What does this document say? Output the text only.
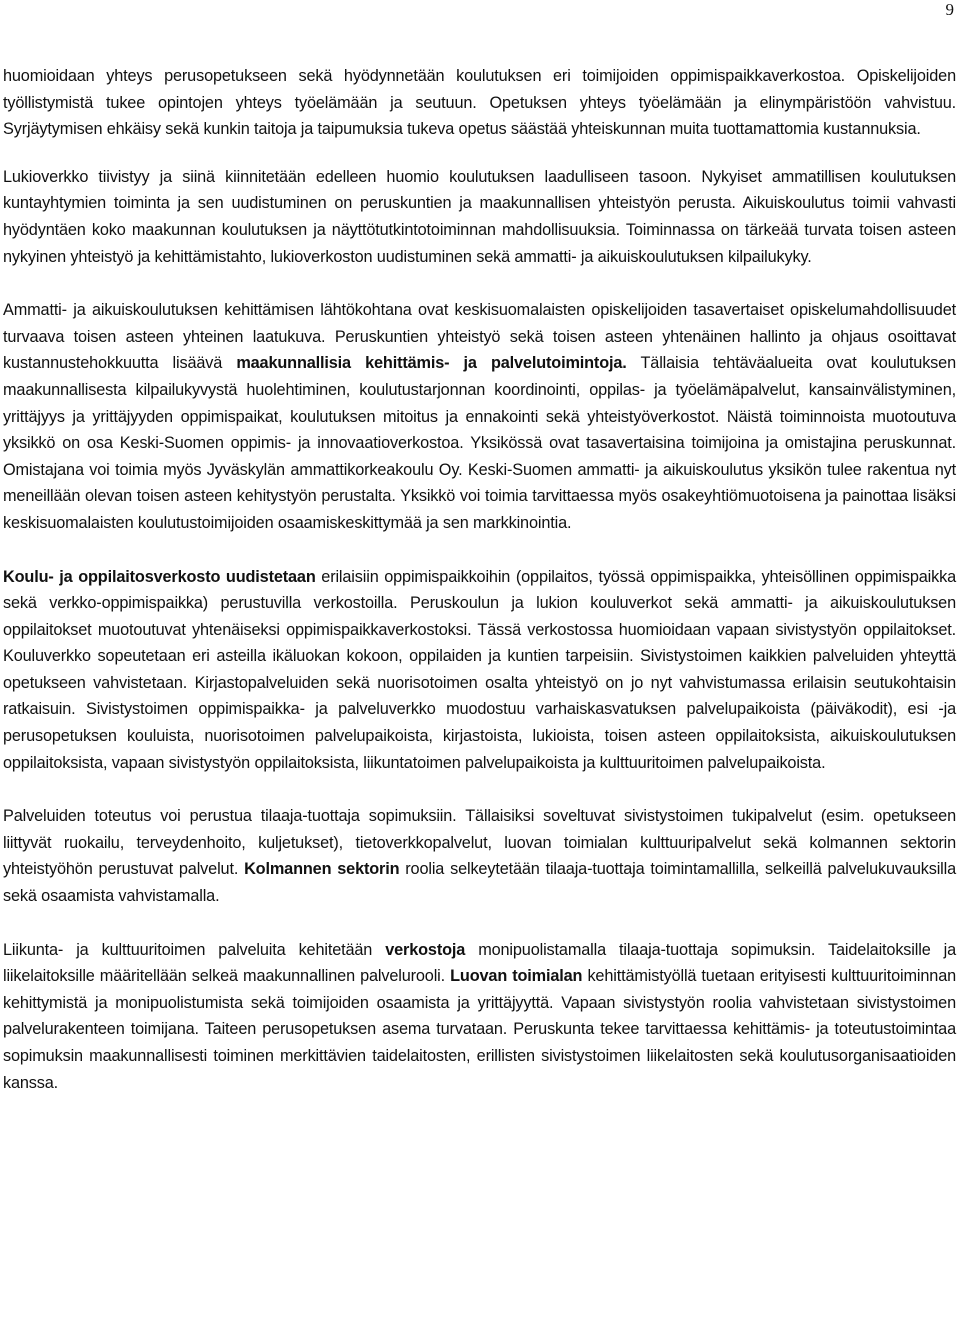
9

huomioidaan yhteys perusopetukseen sekä hyödynnetään koulutuksen eri toimijoiden oppimispaikkaverkostoa. Opiskelijoiden työllistymistä tukee opintojen yhteys työelämään ja seutuun. Opetuksen yhteys työelämään ja elinympäristöön vahvistuu. Syrjäytymisen ehkäisy sekä kunkin taitoja ja taipumuksia tukeva opetus säästää yhteiskunnan muita tuottamattomia kustannuksia.

Lukioverkko tiivistyy ja siinä kiinnitetään edelleen huomio koulutuksen laadulliseen tasoon. Nykyiset ammatillisen koulutuksen kuntayhtymien toiminta ja sen uudistuminen on peruskuntien ja maakunnallisen yhteistyön perusta. Aikuiskoulutus toimii vahvasti hyödyntäen koko maakunnan koulutuksen ja näyttötutkintotoiminnan mahdollisuuksia. Toiminnassa on tärkeää turvata toisen asteen nykyinen yhteistyö ja kehittämistahto, lukioverkoston uudistuminen sekä ammatti- ja aikuiskoulutuksen kilpailukyky.

Ammatti- ja aikuiskoulutuksen kehittämisen lähtökohtana ovat keskisuomalaisten opiskelijoiden tasavertaiset opiskelumahdollisuudet turvaava toisen asteen yhteinen laatukuva. Peruskuntien yhteistyö sekä toisen asteen yhtenäinen hallinto ja ohjaus osoittavat kustannustehokkuutta lisäävä maakunnallisia kehittämis- ja palvelutoimintoja. Tällaisia tehtäväalueita ovat koulutuksen maakunnallisesta kilpailukyvystä huolehtiminen, koulutustarjonnan koordinointi, oppilas- ja työelämäpalvelut, kansainvälistyminen, yrittäjyys ja yrittäjyyden oppimispaikat, koulutuksen mitoitus ja ennakointi sekä yhteistyöverkostot. Näistä toiminnoista muotoutuva yksikkö on osa Keski-Suomen oppimis- ja innovaatioverkostoa. Yksikössä ovat tasavertaisina toimijoina ja omistajina peruskunnat. Omistajana voi toimia myös Jyväskylän ammattikorkeakoulu Oy. Keski-Suomen ammatti- ja aikuiskoulutus yksikön tulee rakentua nyt meneillään olevan toisen asteen kehitystyön perustalta. Yksikkö voi toimia tarvittaessa myös osakeyhtiömuotoisena ja painottaa lisäksi keskisuomalaisten koulutustoimijoiden osaamiskeskittymää ja sen markkinointia.

Koulu- ja oppilaitosverkosto uudistetaan erilaisiin oppimispaikkoihin (oppilaitos, työssä oppimispaikka, yhteisöllinen oppimispaikka sekä verkko-oppimispaikka) perustuvilla verkostoilla. Peruskoulun ja lukion kouluverkot sekä ammatti- ja aikuiskoulutuksen oppilaitokset muotoutuvat yhtenäiseksi oppimispaikkaverkostoksi. Tässä verkostossa huomioidaan vapaan sivistystyön oppilaitokset. Kouluverkko sopeutetaan eri asteilla ikäluokan kokoon, oppilaiden ja kuntien tarpeisiin. Sivistystoimen kaikkien palveluiden yhteyttä opetukseen vahvistetaan. Kirjastopalveluiden sekä nuorisotoimen osalta yhteistyö on jo nyt vahvistumassa erilaisin seutukohtaisin ratkaisuin. Sivistystoimen oppimispaikka- ja palveluverkko muodostuu varhaiskasvatuksen palvelupaikoista (päiväkodit), esi -ja perusopetuksen kouluista, nuorisotoimen palvelupaikoista, kirjastoista, lukioista, toisen asteen oppilaitoksista, aikuiskoulutuksen oppilaitoksista, vapaan sivistystyön oppilaitoksista, liikuntatoimen palvelupaikoista ja kulttuuritoimen palvelupaikoista.

Palveluiden toteutus voi perustua tilaaja-tuottaja sopimuksiin. Tällaisiksi soveltuvat sivistystoimen tukipalvelut (esim. opetukseen liittyvät ruokailu, terveydenhoito, kuljetukset), tietoverkkopalvelut, luovan toimialan kulttuuripalvelut sekä kolmannen sektorin yhteistyöhön perustuvat palvelut. Kolmannen sektorin roolia selkeytetään tilaaja-tuottaja toimintamallilla, selkeillä palvelukuvauksilla sekä osaamista vahvistamalla.

Liikunta- ja kulttuuritoimen palveluita kehitetään verkostoja monipuolistamalla tilaaja-tuottaja sopimuksin. Taidelaitoksille ja liikelaitoksille määritellään selkeä maakunnallinen palvelurooli. Luovan toimialan kehittämistyöllä tuetaan erityisesti kulttuuritoiminnan kehittymistä ja monipuolistumista sekä toimijoiden osaamista ja yrittäjyyttä. Vapaan sivistystyön roolia vahvistetaan sivistystoimen palvelurakenteen toimijana. Taiteen perusopetuksen asema turvataan. Peruskunta tekee tarvittaessa kehittämis- ja toteutustoimintaa sopimuksin maakunnallisesti toiminen merkittävien taidelaitosten, erillisten sivistystoimen liikelaitosten sekä koulutusorganisaatioiden kanssa.
